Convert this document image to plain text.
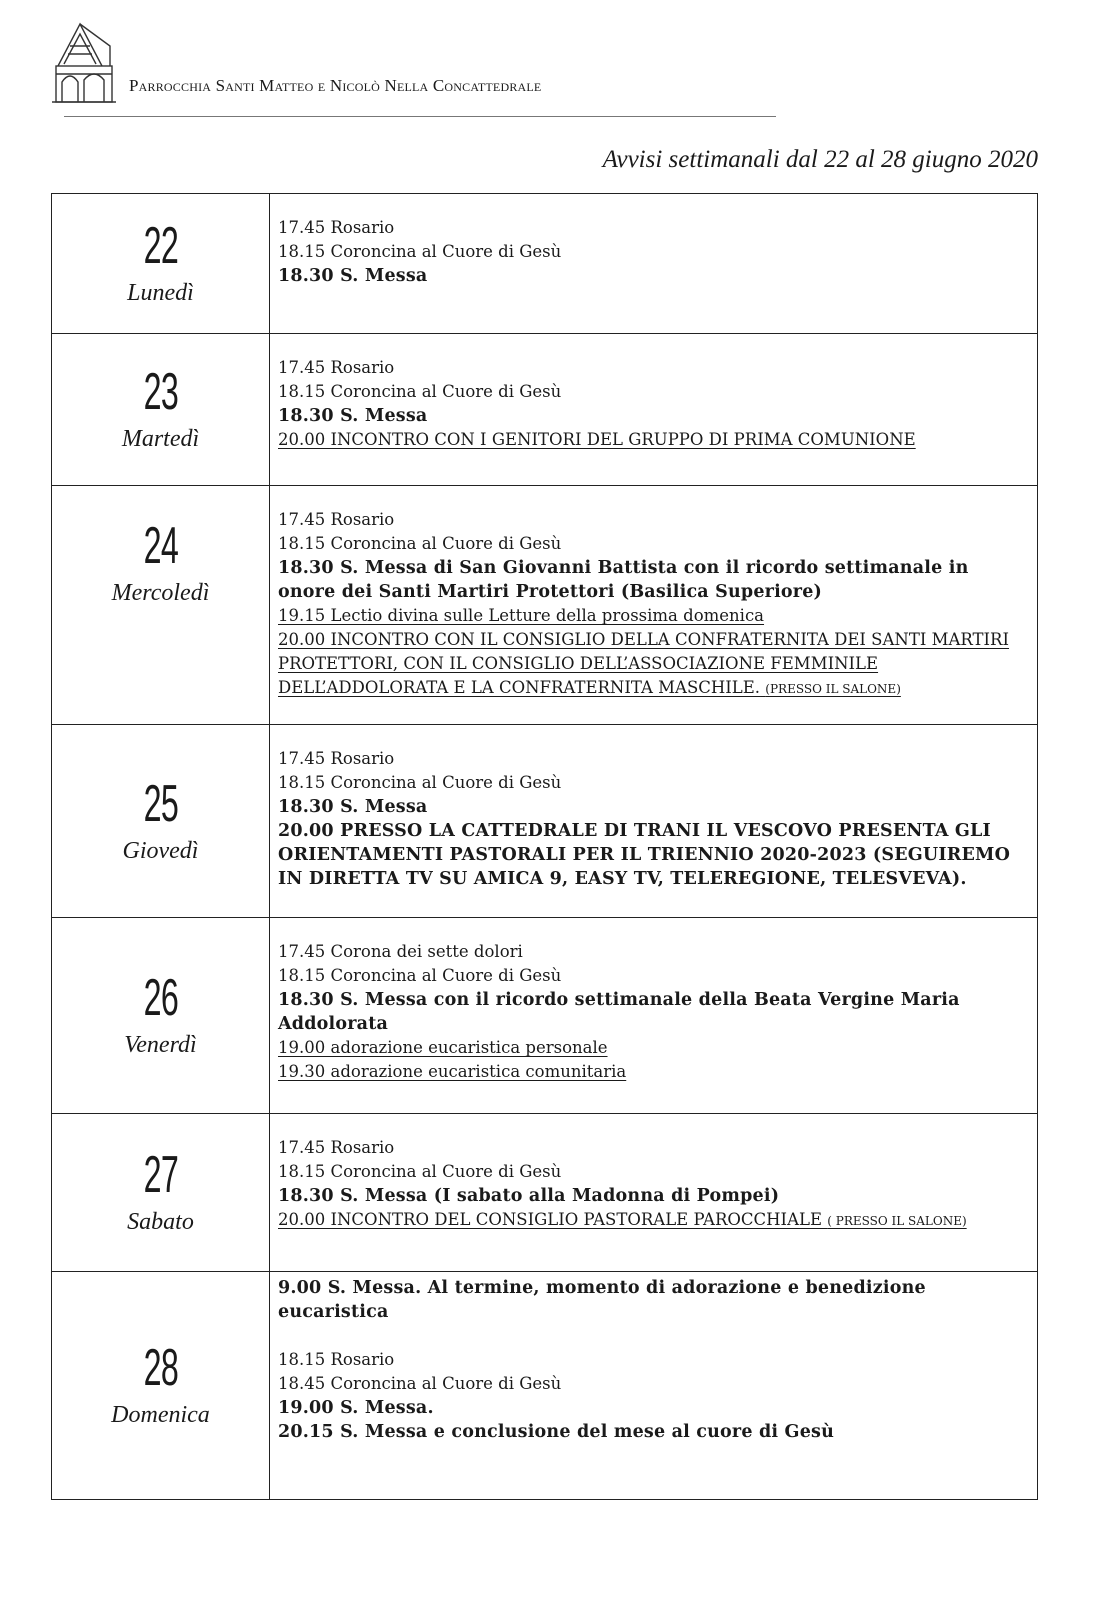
Parrocchia Santi Matteo e Nicolò Nella Concattedrale
Avvisi settimanali dal 22 al 28 giugno 2020
22
Lunedì
17.45 Rosario
18.15 Coroncina al Cuore di Gesù
18.30 S. Messa
23
Martedì
17.45 Rosario
18.15 Coroncina al Cuore di Gesù
18.30 S. Messa
20.00 INCONTRO CON I GENITORI DEL GRUPPO DI PRIMA COMUNIONE
24
Mercoledì
17.45 Rosario
18.15 Coroncina al Cuore di Gesù
18.30 S. Messa di San Giovanni Battista con il ricordo settimanale in onore dei Santi Martiri Protettori (Basilica Superiore)
19.15 Lectio divina sulle Letture della prossima domenica
20.00 INCONTRO CON IL CONSIGLIO DELLA CONFRATERNITA DEI SANTI MARTIRI PROTETTORI, CON IL CONSIGLIO DELL’ASSOCIAZIONE FEMMINILE DELL’ADDOLORATA E LA CONFRATERNITA MASCHILE. (PRESSO IL SALONE)
25
Giovedì
17.45 Rosario
18.15 Coroncina al Cuore di Gesù
18.30 S. Messa
20.00 PRESSO LA CATTEDRALE DI TRANI IL VESCOVO PRESENTA GLI ORIENTAMENTI PASTORALI PER IL TRIENNIO 2020-2023 (SEGUIREMO IN DIRETTA TV SU AMICA 9, EASY TV, TELEREGIONE, TELESVEVA).
26
Venerdì
17.45 Corona dei sette dolori
18.15 Coroncina al Cuore di Gesù
18.30 S. Messa con il ricordo settimanale della Beata Vergine Maria Addolorata
19.00 adorazione eucaristica personale
19.30 adorazione eucaristica comunitaria
27
Sabato
17.45 Rosario
18.15 Coroncina al Cuore di Gesù
18.30 S. Messa (I sabato alla Madonna di Pompei)
20.00 INCONTRO DEL CONSIGLIO PASTORALE PAROCCHIALE ( PRESSO IL SALONE)
28
Domenica
9.00 S. Messa. Al termine, momento di adorazione e benedizione eucaristica
18.15 Rosario
18.45 Coroncina al Cuore di Gesù
19.00 S. Messa.
20.15 S. Messa e conclusione del mese al cuore di Gesù
